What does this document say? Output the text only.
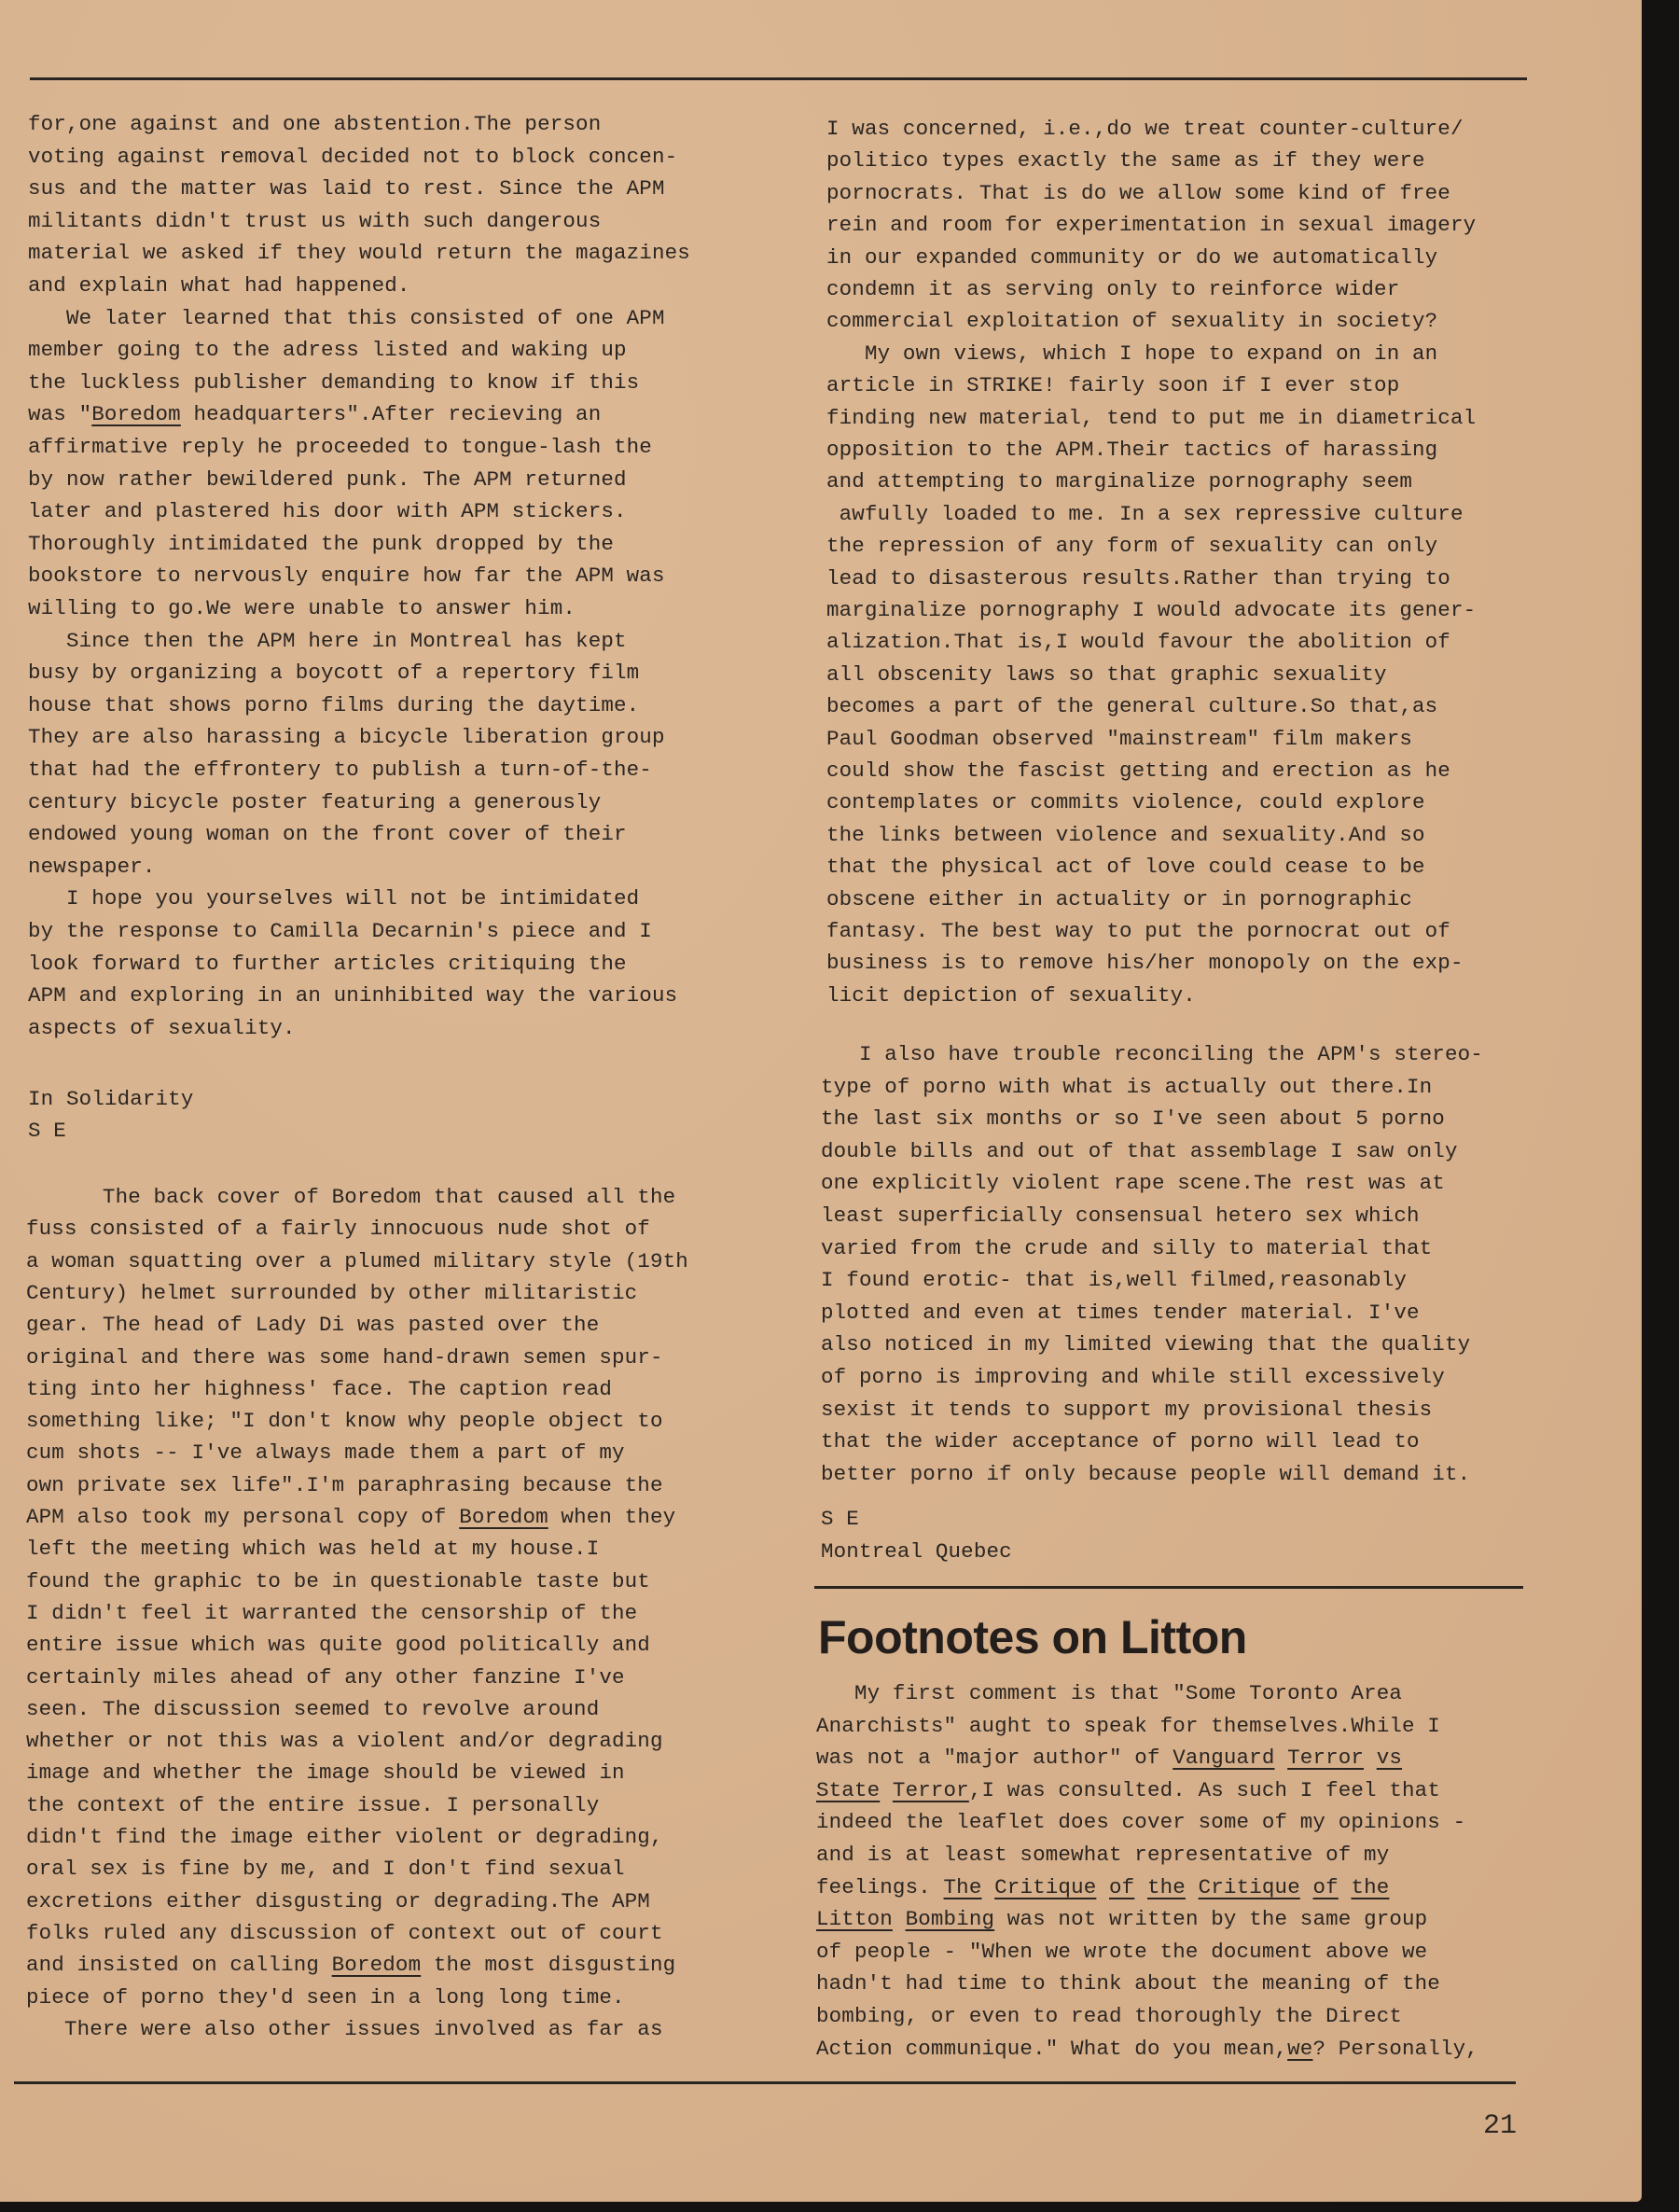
for,one against and one abstention.The person
voting against removal decided not to block concen-
sus and the matter was laid to rest. Since the APM
militants didn't trust us with such dangerous
material we asked if they would return the magazines
and explain what had happened.
We later learned that this consisted of one APM
member going to the adress listed and waking up
the luckless publisher demanding to know if this
was "Boredom headquarters".After recieving an
affirmative reply he proceeded to tongue-lash the
by now rather bewildered punk. The APM returned
later and plastered his door with APM stickers.
Thoroughly intimidated the punk dropped by the
bookstore to nervously enquire how far the APM was
willing to go.We were unable to answer him.
Since then the APM here in Montreal has kept
busy by organizing a boycott of a repertory film
house that shows porno films during the daytime.
They are also harassing a bicycle liberation group
that had the effrontery to publish a turn-of-the-
century bicycle poster featuring a generously
endowed young woman on the front cover of their
newspaper.
I hope you yourselves will not be intimidated
by the response to Camilla Decarnin's piece and I
look forward to further articles critiquing the
APM and exploring in an uninhibited way the various
aspects of sexuality.
In Solidarity
S E
The back cover of Boredom that caused all the
fuss consisted of a fairly innocuous nude shot of
a woman squatting over a plumed military style (19th
Century) helmet surrounded by other militaristic
gear. The head of Lady Di was pasted over the
original and there was some hand-drawn semen spur-
ting into her highness' face. The caption read
something like; "I don't know why people object to
cum shots -- I've always made them a part of my
own private sex life".I'm paraphrasing because the
APM also took my personal copy of Boredom when they
left the meeting which was held at my house.I
found the graphic to be in questionable taste but
I didn't feel it warranted the censorship of the
entire issue which was quite good politically and
certainly miles ahead of any other fanzine I've
seen. The discussion seemed to revolve around
whether or not this was a violent and/or degrading
image and whether the image should be viewed in
the context of the entire issue. I personally
didn't find the image either violent or degrading,
oral sex is fine by me, and I don't find sexual
excretions either disgusting or degrading.The APM
folks ruled any discussion of context out of court
and insisted on calling Boredom the most disgusting
piece of porno they'd seen in a long long time.
There were also other issues involved as far as
I was concerned, i.e.,do we treat counter-culture/
politico types exactly the same as if they were
pornocrats. That is do we allow some kind of free
rein and room for experimentation in sexual imagery
in our expanded community or do we automatically
condemn it as serving only to reinforce wider
commercial exploitation of sexuality in society?
My own views, which I hope to expand on in an
article in STRIKE! fairly soon if I ever stop
finding new material, tend to put me in diametrical
opposition to the APM.Their tactics of harassing
and attempting to marginalize pornography seem
awfully loaded to me. In a sex repressive culture
the repression of any form of sexuality can only
lead to disasterous results.Rather than trying to
marginalize pornography I would advocate its gener-
alization.That is,I would favour the abolition of
all obscenity laws so that graphic sexuality
becomes a part of the general culture.So that,as
Paul Goodman observed "mainstream" film makers
could show the fascist getting and erection as he
contemplates or commits violence, could explore
the links between violence and sexuality.And so
that the physical act of love could cease to be
obscene either in actuality or in pornographic
fantasy. The best way to put the pornocrat out of
business is to remove his/her monopoly on the exp-
licit depiction of sexuality.
I also have trouble reconciling the APM's stereo-
type of porno with what is actually out there.In
the last six months or so I've seen about 5 porno
double bills and out of that assemblage I saw only
one explicitly violent rape scene.The rest was at
least superficially consensual hetero sex which
varied from the crude and silly to material that
I found erotic- that is,well filmed,reasonably
plotted and even at times tender material. I've
also noticed in my limited viewing that the quality
of porno is improving and while still excessively
sexist it tends to support my provisional thesis
that the wider acceptance of porno will lead to
better porno if only because people will demand it.
S E
Montreal Quebec
My first comment is that "Some Toronto Area
Anarchists" aught to speak for themselves.While I
was not a "major author" of Vanguard Terror vs
State Terror,I was consulted. As such I feel that
indeed the leaflet does cover some of my opinions -
and is at least somewhat representative of my
feelings. The Critique of the Critique of the
Litton Bombing was not written by the same group
of people - "When we wrote the document above we
hadn't had time to think about the meaning of the
bombing, or even to read thoroughly the Direct
Action communique." What do you mean,we? Personally,
Footnotes on Litton
21
